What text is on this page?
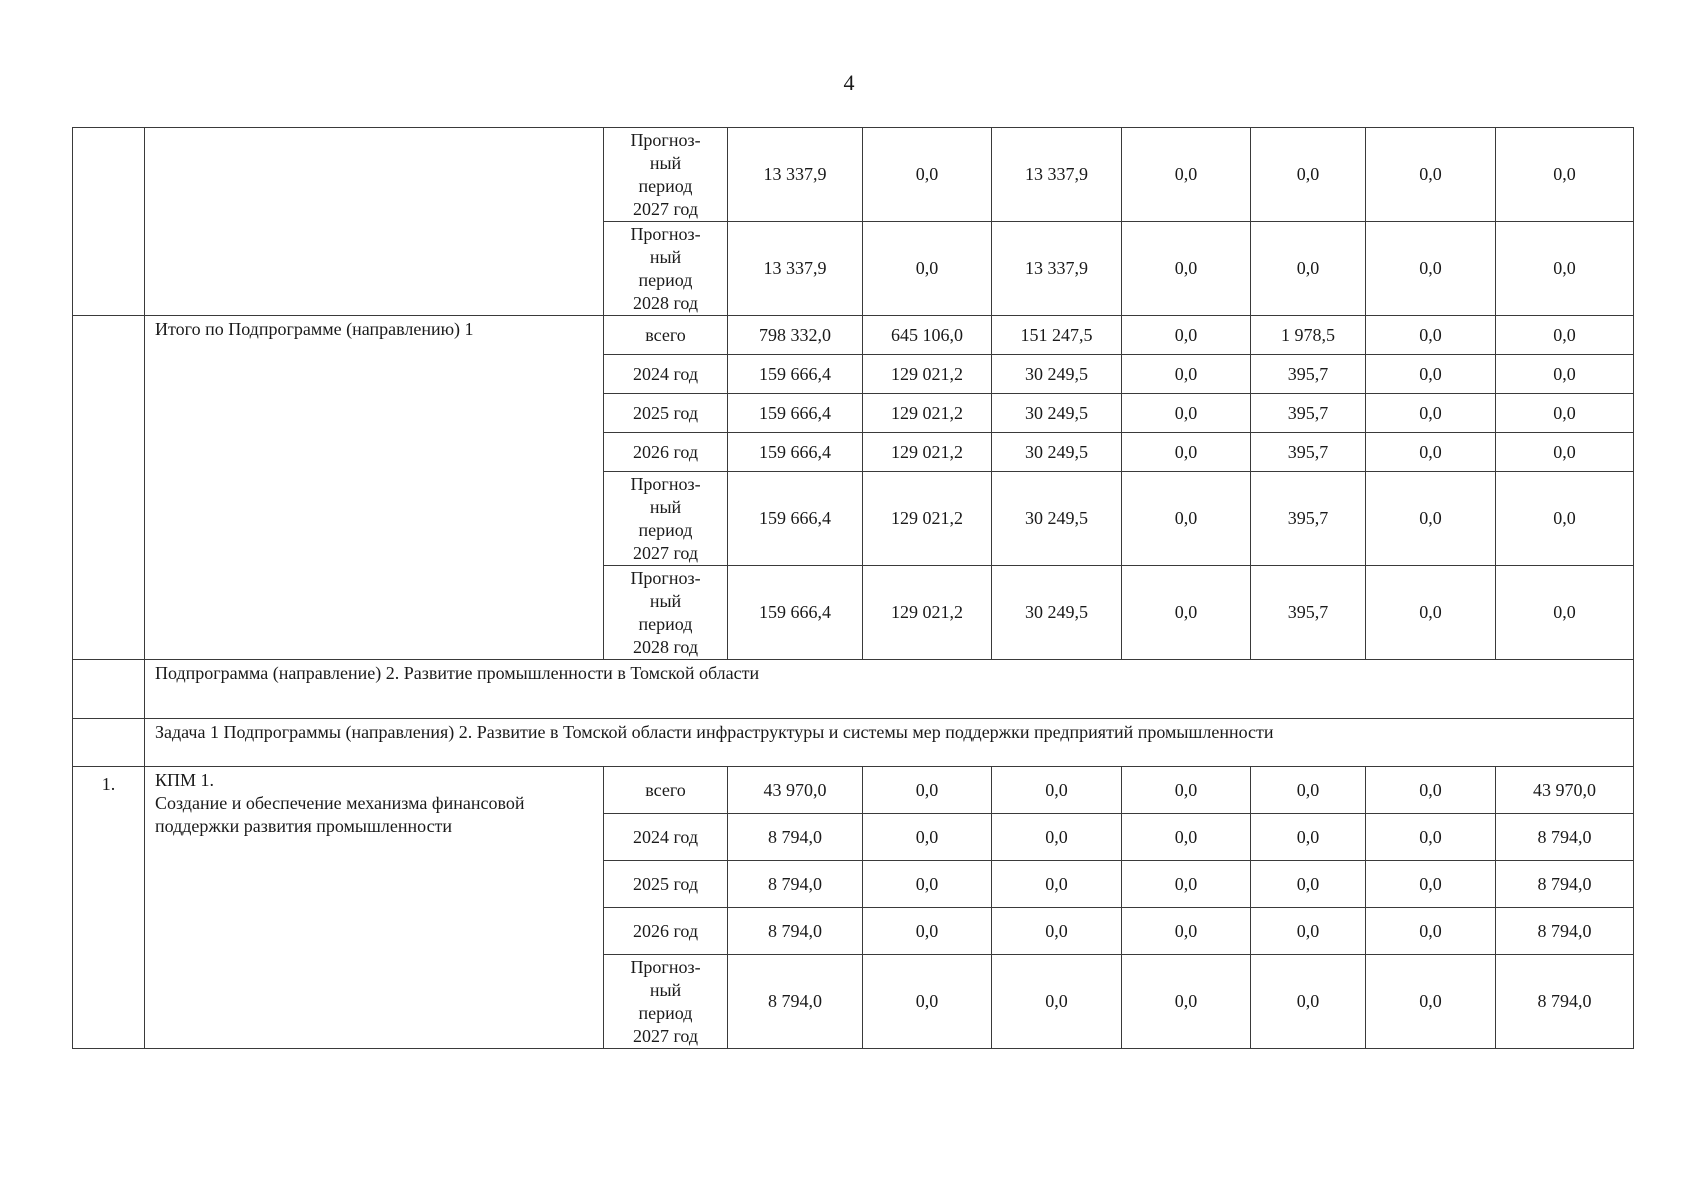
4
		Прогноз-
ный
период
2027 год	13 337,9	0,0	13 337,9	0,0	0,0	0,0	0,0
		Прогноз-
ный
период
2028 год	13 337,9	0,0	13 337,9	0,0	0,0	0,0	0,0
	Итого по Подпрограмме (направлению) 1	всего	798 332,0	645 106,0	151 247,5	0,0	1 978,5	0,0	0,0
		2024 год	159 666,4	129 021,2	30 249,5	0,0	395,7	0,0	0,0
		2025 год	159 666,4	129 021,2	30 249,5	0,0	395,7	0,0	0,0
		2026 год	159 666,4	129 021,2	30 249,5	0,0	395,7	0,0	0,0
		Прогноз-
ный
период
2027 год	159 666,4	129 021,2	30 249,5	0,0	395,7	0,0	0,0
		Прогноз-
ный
период
2028 год	159 666,4	129 021,2	30 249,5	0,0	395,7	0,0	0,0
	Подпрограмма (направление) 2. Развитие промышленности в Томской области								
	Задача 1 Подпрограммы (направления) 2. Развитие в Томской области инфраструктуры и системы мер поддержки предприятий промышленности								
1.	КПМ 1.
Создание и обеспечение механизма финансовой поддержки развития промышленности	всего	43 970,0	0,0	0,0	0,0	0,0	0,0	43 970,0
		2024 год	8 794,0	0,0	0,0	0,0	0,0	0,0	8 794,0
		2025 год	8 794,0	0,0	0,0	0,0	0,0	0,0	8 794,0
		2026 год	8 794,0	0,0	0,0	0,0	0,0	0,0	8 794,0
		Прогноз-
ный
период
2027 год	8 794,0	0,0	0,0	0,0	0,0	0,0	8 794,0
